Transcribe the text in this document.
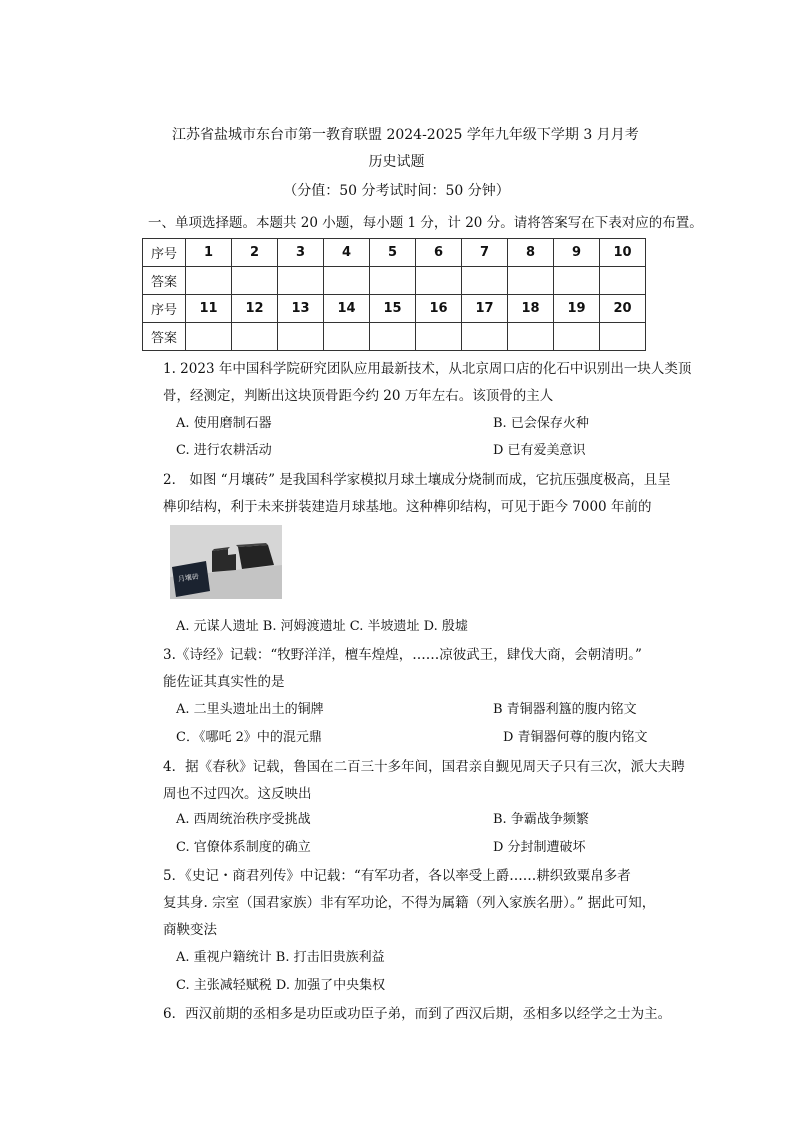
江苏省盐城市东台市第一教育联盟 2024-2025 学年九年级下学期 3 月月考
历史试题
（分值：50 分考试时间：50 分钟）
一、单项选择题。本题共 20 小题，每小题 1 分，计 20 分。请将答案写在下表对应的布置。
序号	1	2	3	4	5	6	7	8	9	10
答案										
序号	11	12	13	14	15	16	17	18	19	20
答案										
1. 2023 年中国科学院研究团队应用最新技术，从北京周口店的化石中识别出一块人类顶
骨，经测定，判断出这块顶骨距今约 20 万年左右。该顶骨的主人
A. 使用磨制石器	B. 已会保存火种
C. 进行农耕活动	D 已有爱美意识
2． 如图 “月壤砖” 是我国科学家模拟月球土壤成分烧制而成，它抗压强度极高，且呈
榫卯结构，利于未来拼装建造月球基地。这种榫卯结构，可见于距今 7000 年前的
月壤砖
A. 元谋人遗址 B. 河姆渡遗址 C. 半坡遗址 D. 殷墟
3.《诗经》记载：“牧野洋洋，檀车煌煌，……凉彼武王，肆伐大商，会朝清明。”
能佐证其真实性的是
A. 二里头遗址出土的铜牌	B 青铜器利簋的腹内铭文
C．《哪吒 2》中的混元鼎	D 青铜器何尊的腹内铭文
4．据《春秋》记载，鲁国在二百三十多年间，国君亲自觐见周天子只有三次，派大夫聘
周也不过四次。这反映出
A. 西周统治秩序受挑战	B. 争霸战争频繁
C. 官僚体系制度的确立	D 分封制遭破坏
5．《史记・商君列传》中记载：“有军功者，各以率受上爵……耕织致粟帛多者
复其身. 宗室（国君家族）非有军功论，不得为属籍（列入家族名册）。” 据此可知，
商鞅变法
A. 重视户籍统计 B. 打击旧贵族利益
C. 主张减轻赋税 D. 加强了中央集权
6．西汉前期的丞相多是功臣或功臣子弟，而到了西汉后期，丞相多以经学之士为主。
